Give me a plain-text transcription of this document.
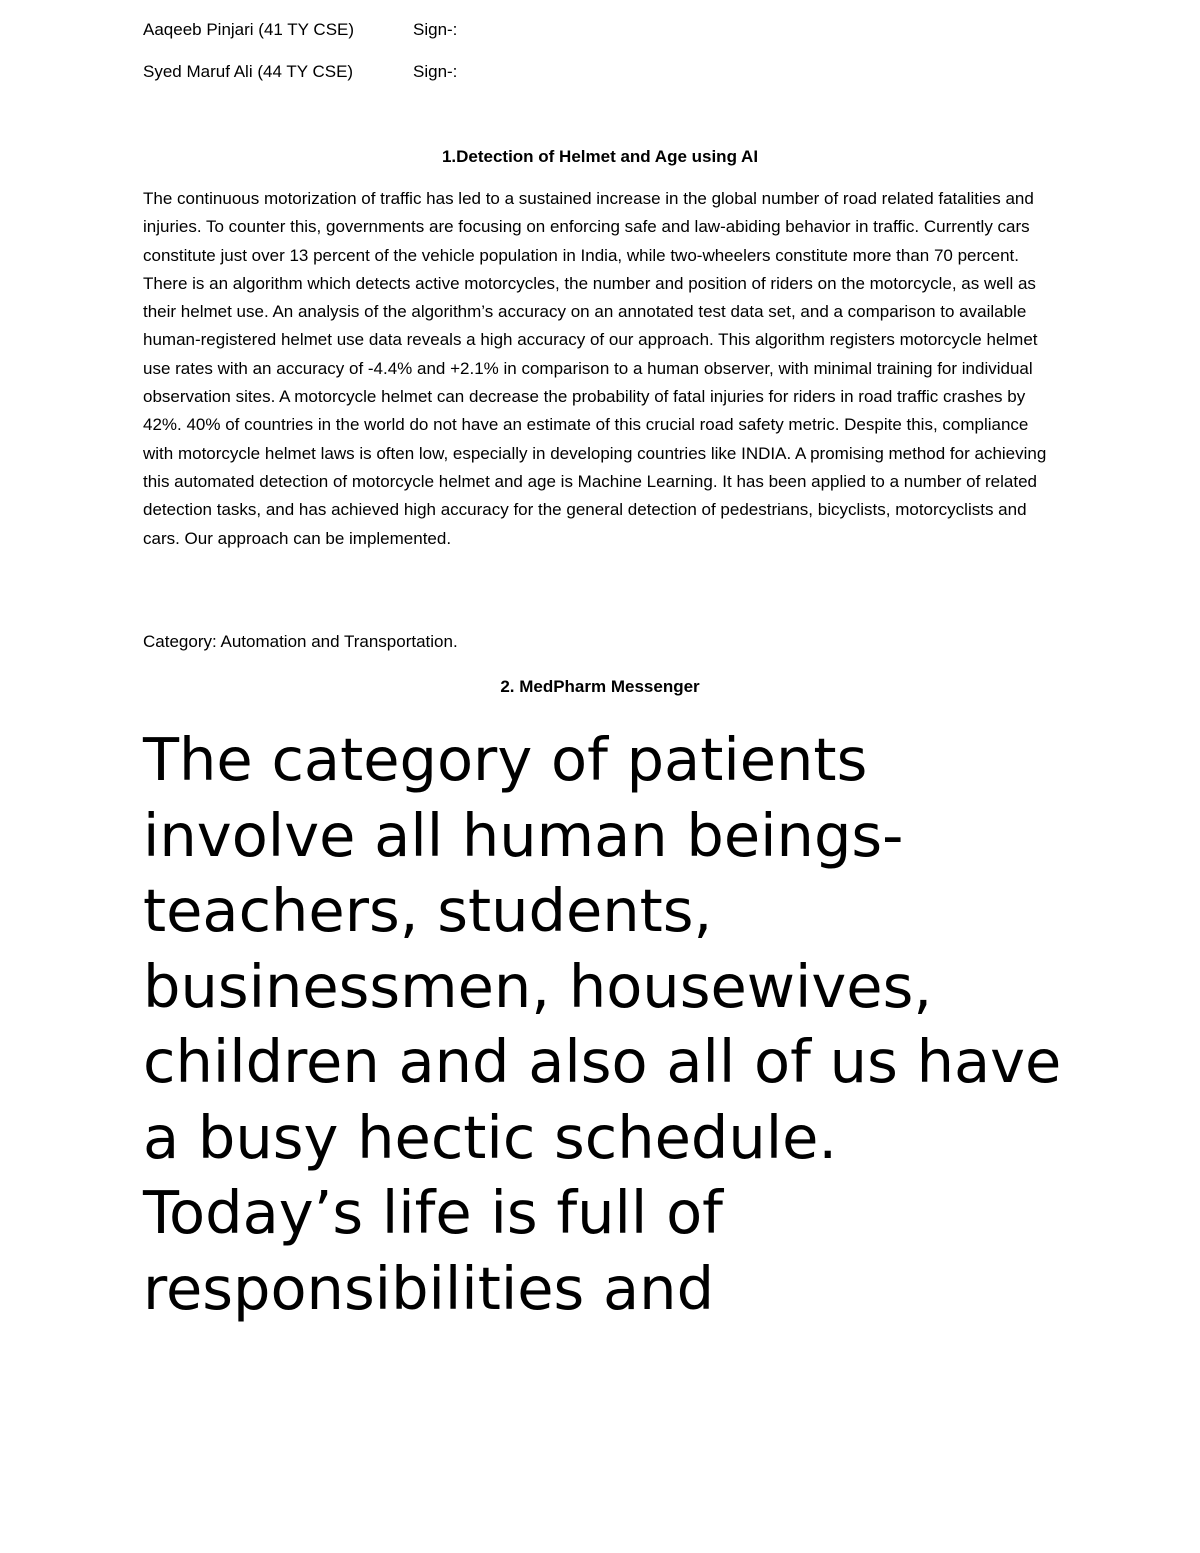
Aaqeeb Pinjari (41 TY CSE)	Sign-:
Syed Maruf Ali (44 TY CSE)	Sign-:
1.Detection of Helmet and Age using AI
The continuous motorization of traffic has led to a sustained increase in the global number of road related fatalities and injuries. To counter this, governments are focusing on enforcing safe and law-abiding behavior in traffic. Currently cars constitute just over 13 percent of the vehicle population in India, while two-wheelers constitute more than 70 percent. There is an algorithm which detects active motorcycles, the number and position of riders on the motorcycle, as well as their helmet use. An analysis of the algorithm’s accuracy on an annotated test data set, and a comparison to available human-registered helmet use data reveals a high accuracy of our approach. This algorithm registers motorcycle helmet use rates with an accuracy of -4.4% and +2.1% in comparison to a human observer, with minimal training for individual observation sites. A motorcycle helmet can decrease the probability of fatal injuries for riders in road traffic crashes by 42%. 40% of countries in the world do not have an estimate of this crucial road safety metric. Despite this, compliance with motorcycle helmet laws is often low, especially in developing countries like INDIA. A promising method for achieving this automated detection of motorcycle helmet and age is Machine Learning. It has been applied to a number of related detection tasks, and has achieved high accuracy for the general detection of pedestrians, bicyclists, motorcyclists and cars. Our approach can be implemented.
Category: Automation and Transportation.
2. MedPharm Messenger
The category of patients involve all human beings- teachers, students, businessmen, housewives, children and also all of us have a busy hectic schedule. Today’s life is full of responsibilities and
